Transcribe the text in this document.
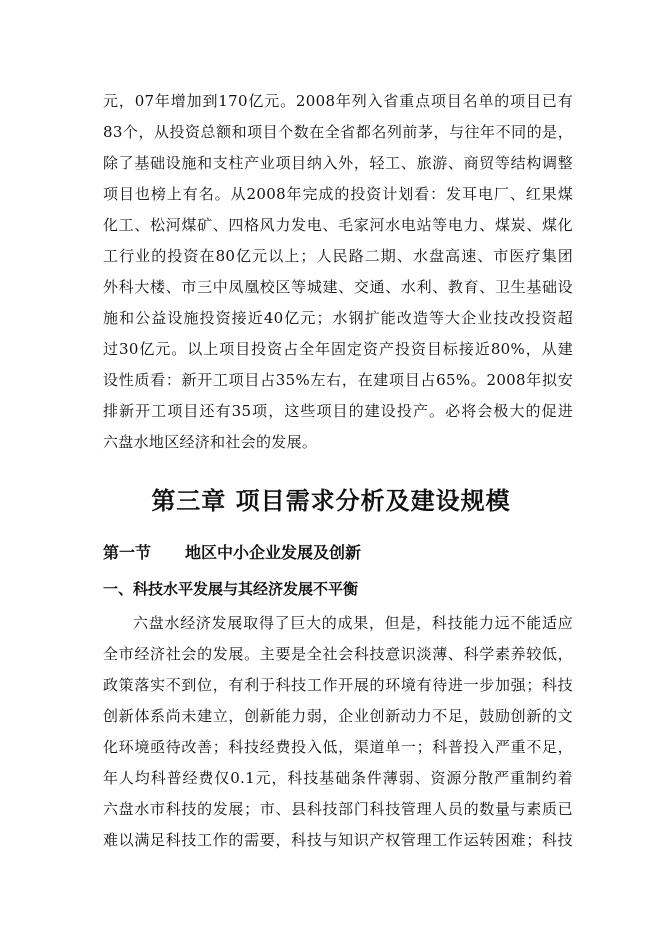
元，07年增加到170亿元。2008年列入省重点项目名单的项目已有
83个，从投资总额和项目个数在全省都名列前茅，与往年不同的是，
除了基础设施和支柱产业项目纳入外，轻工、旅游、商贸等结构调整
项目也榜上有名。从2008年完成的投资计划看：发耳电厂、红果煤
化工、松河煤矿、四格风力发电、毛家河水电站等电力、煤炭、煤化
工行业的投资在80亿元以上；人民路二期、水盘高速、市医疗集团
外科大楼、市三中凤凰校区等城建、交通、水利、教育、卫生基础设
施和公益设施投资接近40亿元；水钢扩能改造等大企业技改投资超
过30亿元。以上项目投资占全年固定资产投资目标接近80%，从建
设性质看：新开工项目占35%左右，在建项目占65%。2008年拟安
排新开工项目还有35项，这些项目的建设投产。必将会极大的促进
六盘水地区经济和社会的发展。
第三章 项目需求分析及建设规模
第一节 地区中小企业发展及创新
一、科技水平发展与其经济发展不平衡
六盘水经济发展取得了巨大的成果，但是，科技能力远不能适应
全市经济社会的发展。主要是全社会科技意识淡薄、科学素养较低，
政策落实不到位，有利于科技工作开展的环境有待进一步加强；科技
创新体系尚未建立，创新能力弱，企业创新动力不足，鼓励创新的文
化环境亟待改善；科技经费投入低，渠道单一；科普投入严重不足，
年人均科普经费仅0.1元，科技基础条件薄弱、资源分散严重制约着
六盘水市科技的发展；市、县科技部门科技管理人员的数量与素质已
难以满足科技工作的需要，科技与知识产权管理工作运转困难；科技
